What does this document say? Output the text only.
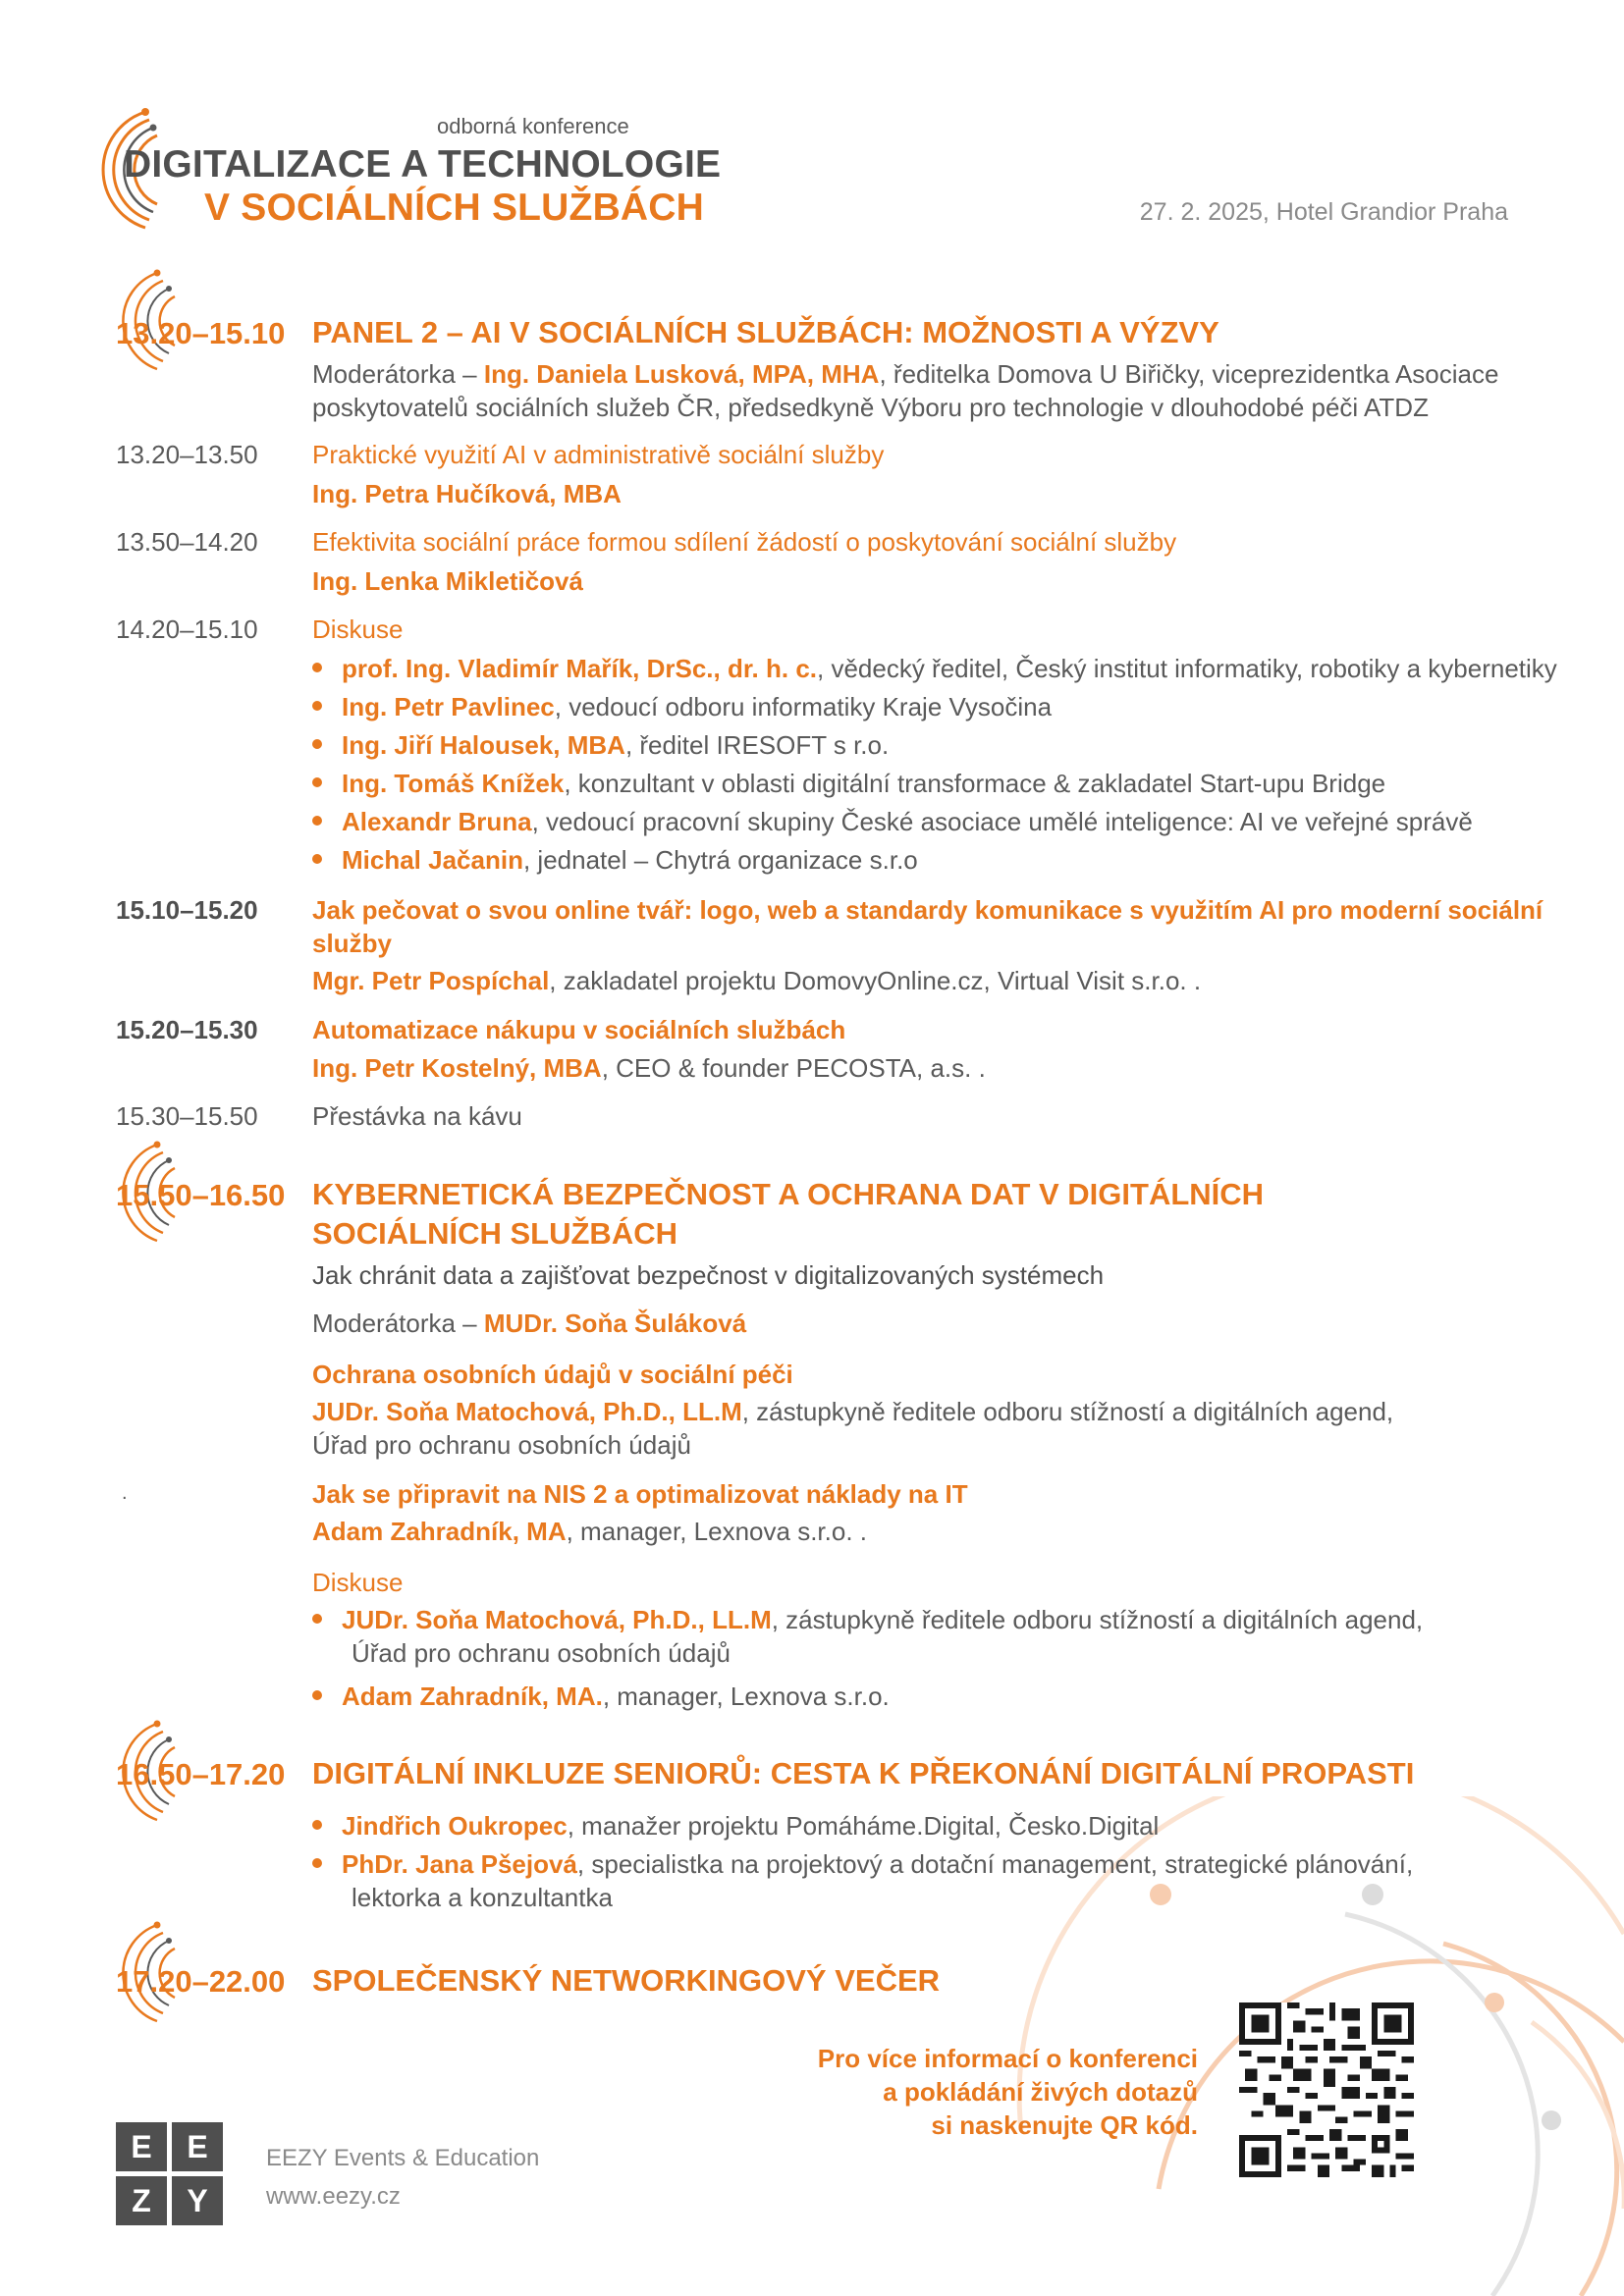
odborná konference
DIGITALIZACE A TECHNOLOGIE
V SOCIÁLNÍCH SLUŽBÁCH	27. 2. 2025, Hotel Grandior Praha
13.20–15.10 PANEL 2 – AI V SOCIÁLNÍCH SLUŽBÁCH: MOŽNOSTI A VÝZVY
Moderátorka – Ing. Daniela Lusková, MPA, MHA, ředitelka Domova U Biřičky, viceprezidentka Asociace
poskytovatelů sociálních služeb ČR, předsedkyně Výboru pro technologie v dlouhodobé péči ATDZ
13.20–13.50 Praktické využití AI v administrativě sociální služby
Ing. Petra Hučíková, MBA
13.50–14.20 Efektivita sociální práce formou sdílení žádostí o poskytování sociální služby
Ing. Lenka Mikletičová
14.20–15.10 Diskuse
prof. Ing. Vladimír Mařík, DrSc., dr. h. c., vědecký ředitel, Český institut informatiky, robotiky a kybernetiky
Ing. Petr Pavlinec, vedoucí odboru informatiky Kraje Vysočina
Ing. Jiří Halousek, MBA, ředitel IRESOFT s r.o.
Ing. Tomáš Knížek, konzultant v oblasti digitální transformace & zakladatel Start-upu Bridge
Alexandr Bruna, vedoucí pracovní skupiny České asociace umělé inteligence: AI ve veřejné správě
Michal Jačanin, jednatel – Chytrá organizace s.r.o
15.10–15.20 Jak pečovat o svou online tvář: logo, web a standardy komunikace s využitím AI pro moderní sociální
služby
Mgr. Petr Pospíchal, zakladatel projektu DomovyOnline.cz, Virtual Visit s.r.o. .
15.20–15.30 Automatizace nákupu v sociálních službách
Ing. Petr Kostelný, MBA, CEO & founder PECOSTA, a.s. .
15.30–15.50 Přestávka na kávu
15.50–16.50 KYBERNETICKÁ BEZPEČNOST A OCHRANA DAT V DIGITÁLNÍCH
SOCIÁLNÍCH SLUŽBÁCH
Jak chránit data a zajišťovat bezpečnost v digitalizovaných systémech
Moderátorka – MUDr. Soňa Šuláková
Ochrana osobních údajů v sociální péči
JUDr. Soňa Matochová, Ph.D., LL.M, zástupkyně ředitele odboru stížností a digitálních agend,
Úřad pro ochranu osobních údajů
.	Jak se připravit na NIS 2 a optimalizovat náklady na IT
Adam Zahradník, MA, manager, Lexnova s.r.o. .
Diskuse
JUDr. Soňa Matochová, Ph.D., LL.M, zástupkyně ředitele odboru stížností a digitálních agend,
Úřad pro ochranu osobních údajů
Adam Zahradník, MA., manager, Lexnova s.r.o.
16.50–17.20 DIGITÁLNÍ INKLUZE SENIORŮ: CESTA K PŘEKONÁNÍ DIGITÁLNÍ PROPASTI
Jindřich Oukropec, manažer projektu Pomáháme.Digital, Česko.Digital
PhDr. Jana Pšejová, specialistka na projektový a dotační management, strategické plánování,
lektorka a konzultantka
17.20–22.00 SPOLEČENSKÝ NETWORKINGOVÝ VEČER
Pro více informací o konferenci
a pokládání živých dotazů
si naskenujte QR kód.
E	E
Z	Y
EEZY Events & Education
www.eezy.cz
